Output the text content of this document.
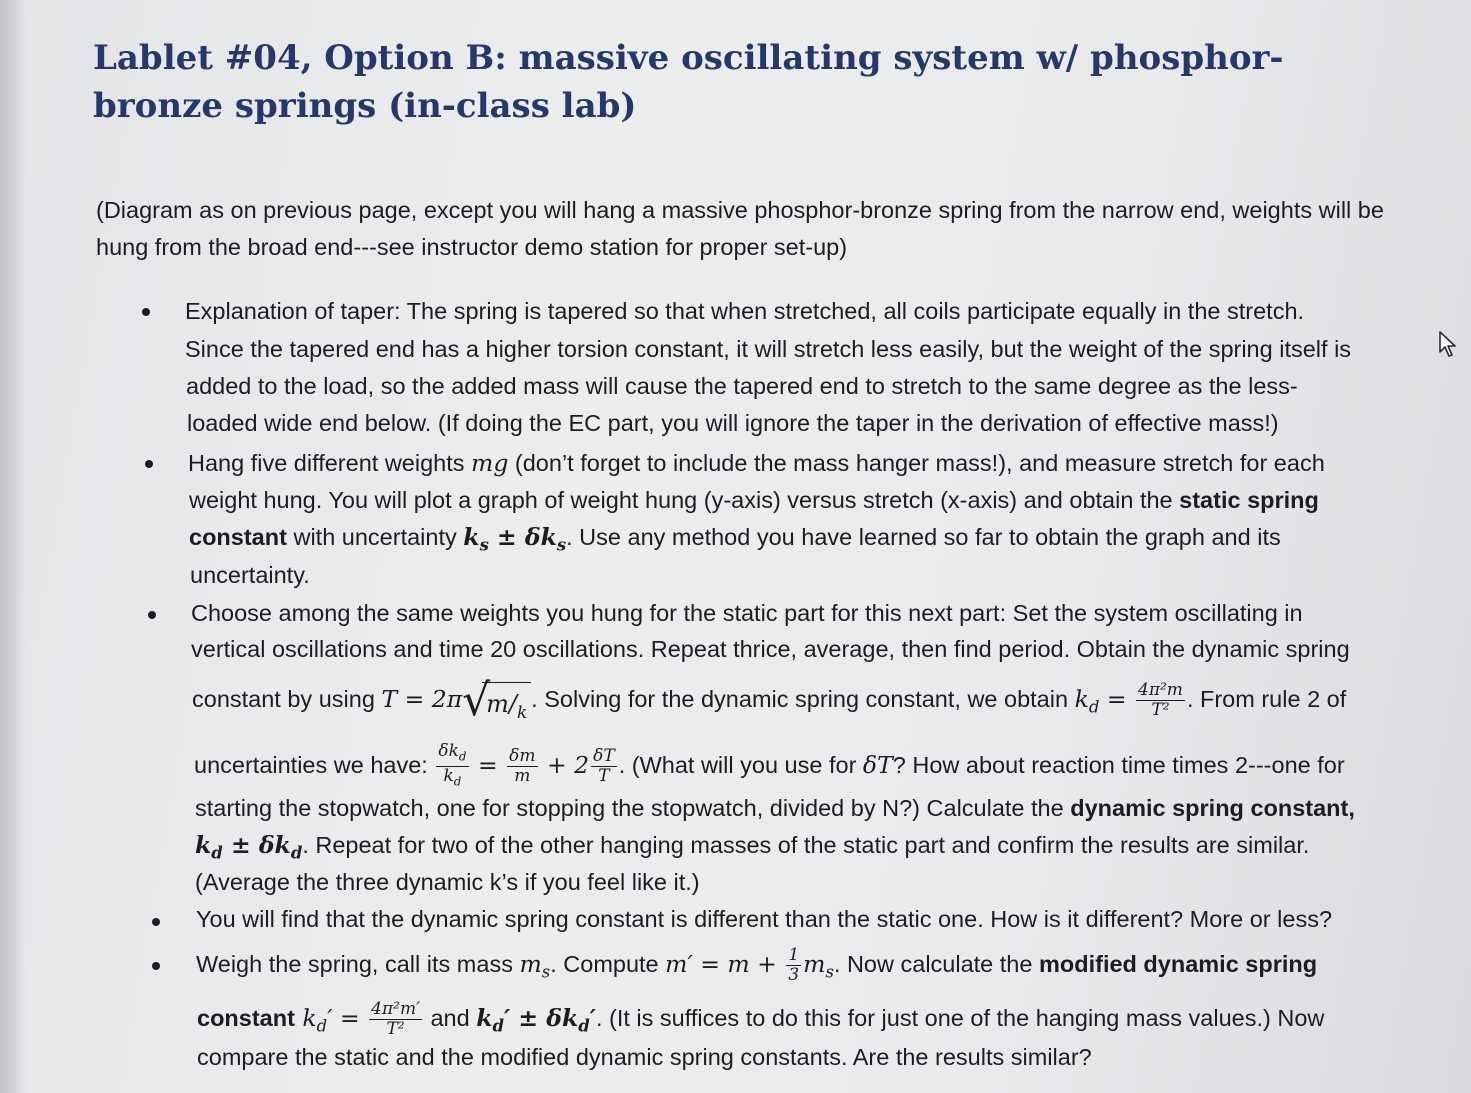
Lablet #04, Option B: massive oscillating system w/ phosphor-bronze springs (in-class lab)

(Diagram as on previous page, except you will hang a massive phosphor-bronze spring from the narrow end, weights will be hung from the broad end---see instructor demo station for proper set-up)

Explanation of taper: The spring is tapered so that when stretched, all coils participate equally in the stretch.
Since the tapered end has a higher torsion constant, it will stretch less easily, but the weight of the spring itself is
added to the load, so the added mass will cause the tapered end to stretch to the same degree as the less-
loaded wide end below. (If doing the EC part, you will ignore the taper in the derivation of effective mass!)
Hang five different weights mg (don’t forget to include the mass hanger mass!), and measure stretch for each
weight hung. You will plot a graph of weight hung (y-axis) versus stretch (x-axis) and obtain the static spring
constant with uncertainty $k_s \pm \delta k_s$. Use any method you have learned so far to obtain the graph and its
uncertainty.
Choose among the same weights you hung for the static part for this next part: Set the system oscillating in
vertical oscillations and time 20 oscillations. Repeat thrice, average, then find period. Obtain the dynamic spring
constant by using T = 2π √
$m/_k$ . Solving for the dynamic spring constant, we obtain $k_d = \frac{\text{4π²m}}{\text{T²}}$ . From rule 2 of
uncertainties we have: $\frac{\delta k_d}{k_d} = \frac{\delta m}{m} + 2 \frac{\delta T}{T}$ . (What will you use for δT? How about reaction time times 2---one for
starting the stopwatch, one for stopping the stopwatch, divided by N?) Calculate the dynamic spring constant,
$k_d \pm \delta k_d$. Repeat for two of the other hanging masses of the static part and confirm the results are similar.
(Average the three dynamic k’s if you feel like it.)
You will find that the dynamic spring constant is different than the static one. How is it different? More or less?
Weigh the spring, call its mass $m_s$. Compute $m' = m + \frac{1}{3} m_s$. Now calculate the modified dynamic spring
constant $k_d' = \frac{\text{4π²m′}}{\text{T²}}$ and $k_d' \pm \delta k_d'$. (It is suffices to do this for just one of the hanging mass values.) Now
compare the static and the modified dynamic spring constants. Are the results similar?
